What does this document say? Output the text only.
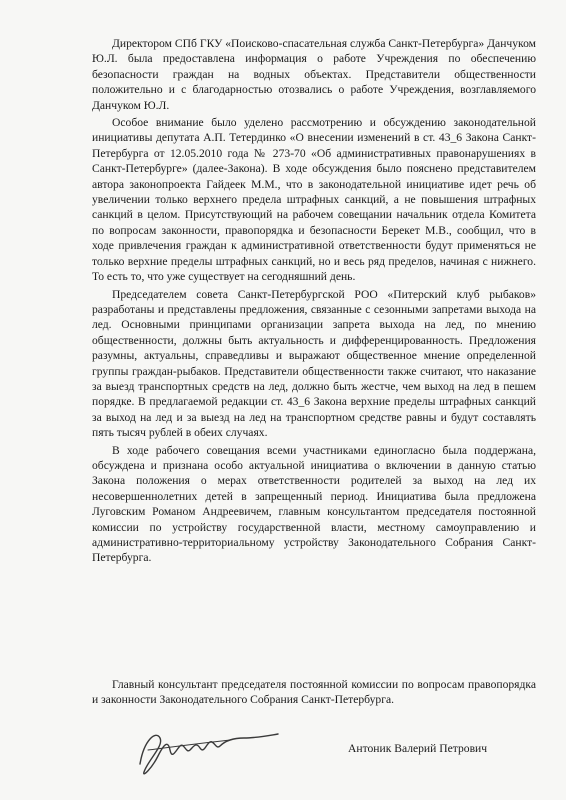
Директором СПб ГКУ «Поисково-спасательная служба Санкт-Петербурга» Данчуком Ю.Л. была предоставлена информация о работе Учреждения по обеспечению безопасности граждан на водных объектах. Представители общественности положительно и с благодарностью отозвались о работе Учреждения, возглавляемого Данчуком Ю.Л.

Особое внимание было уделено рассмотрению и обсуждению законодательной инициативы депутата А.П. Тетердинко «О внесении изменений в ст. 43_6 Закона Санкт-Петербурга от 12.05.2010 года № 273-70 «Об административных правонарушениях в Санкт-Петербурге» (далее-Закона). В ходе обсуждения было пояснено представителем автора законопроекта Гайдеек М.М., что в законодательной инициативе идет речь об увеличении только верхнего предела штрафных санкций, а не повышения штрафных санкций в целом. Присутствующий на рабочем совещании начальник отдела Комитета по вопросам законности, правопорядка и безопасности Берекет М.В., сообщил, что в ходе привлечения граждан к административной ответственности будут применяться не только верхние пределы штрафных санкций, но и весь ряд пределов, начиная с нижнего. То есть то, что уже существует на сегодняшний день.

Председателем совета Санкт-Петербургской РОО «Питерский клуб рыбаков» разработаны и представлены предложения, связанные с сезонными запретами выхода на лед. Основными принципами организации запрета выхода на лед, по мнению общественности, должны быть актуальность и дифференцированность. Предложения разумны, актуальны, справедливы и выражают общественное мнение определенной группы граждан-рыбаков. Представители общественности также считают, что наказание за выезд транспортных средств на лед, должно быть жестче, чем выход на лед в пешем порядке. В предлагаемой редакции ст. 43_6 Закона верхние пределы штрафных санкций за выход на лед и за выезд на лед на транспортном средстве равны и будут составлять пять тысяч рублей в обеих случаях.

В ходе рабочего совещания всеми участниками единогласно была поддержана, обсуждена и признана особо актуальной инициатива о включении в данную статью Закона положения о мерах ответственности родителей за выход на лед их несовершеннолетних детей в запрещенный период. Инициатива была предложена Луговским Романом Андреевичем, главным консультантом председателя постоянной комиссии по устройству государственной власти, местному самоуправлению и административно-территориальному устройству Законодательного Собрания Санкт-Петербурга.

Главный консультант председателя постоянной комиссии по вопросам правопорядка и законности Законодательного Собрания Санкт-Петербурга.

Антоник Валерий Петрович
